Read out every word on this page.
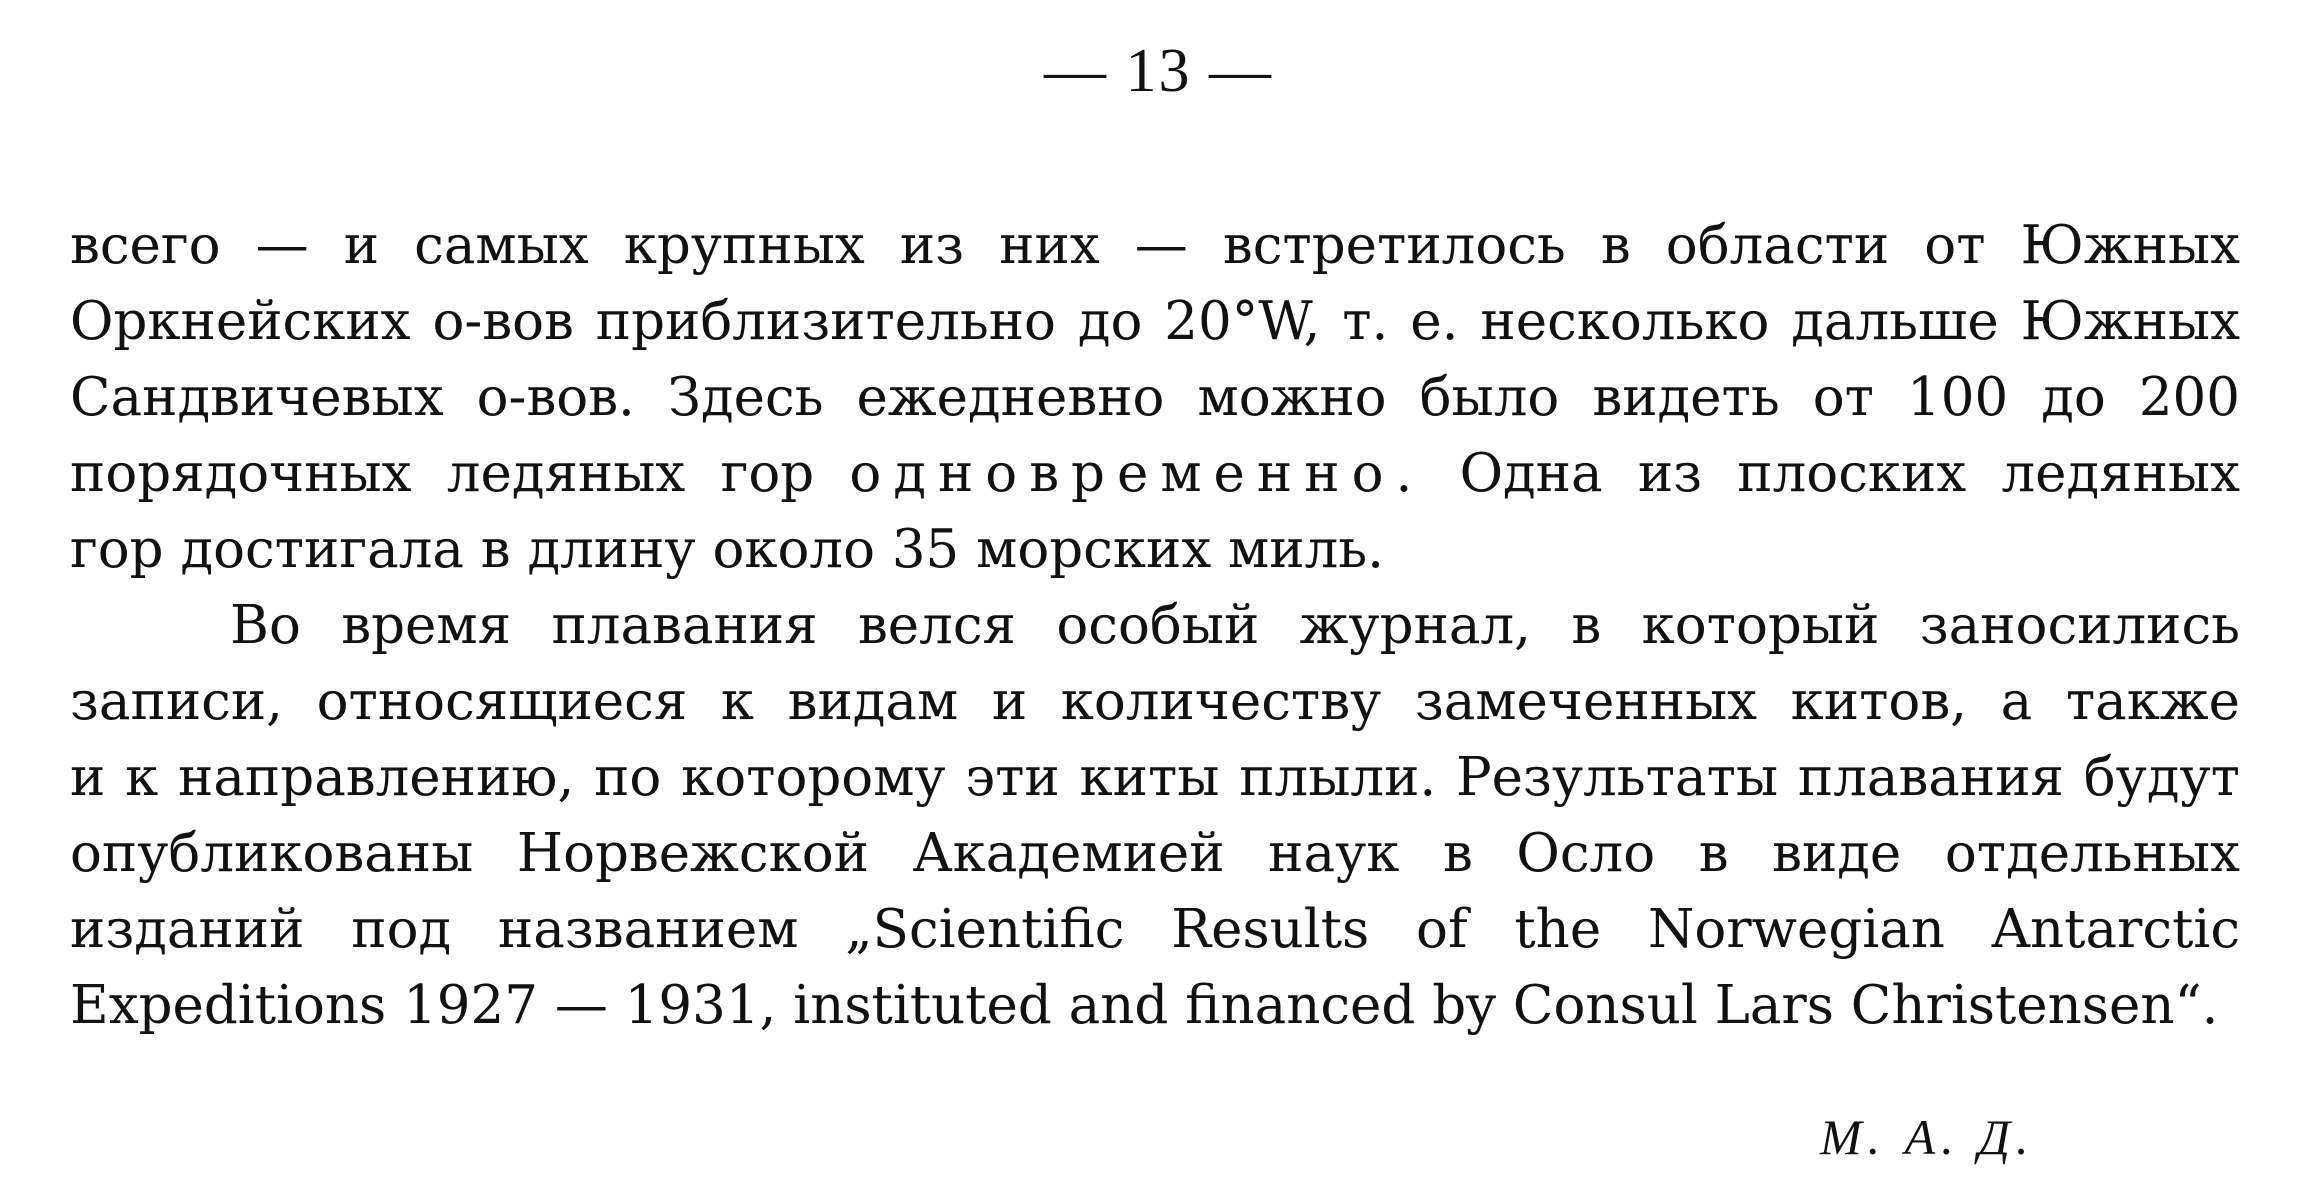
— 13 —
всего — и самых крупных из них — встретилось в области от Южных
Оркнейских о-вов приблизительно до 20°W, т. е. несколько дальше Южных
Сандвичевых о-вов. Здесь ежедневно можно было видеть от 100 до 200
порядочных ледяных гор одновременно. Одна из плоских ледяных
гор достигала в длину около 35 морских миль.
Во время плавания велся особый журнал, в который заносились
записи, относящиеся к видам и количеству замеченных китов, а также
и к направлению, по которому эти киты плыли. Результаты плавания будут
опубликованы Норвежской Академией наук в Осло в виде отдельных
изданий под названием „Scientific Results of the Norwegian Antarctic
Expeditions 1927 — 1931, instituted and financed by Consul Lars Christensen“.
М. А. Д.
